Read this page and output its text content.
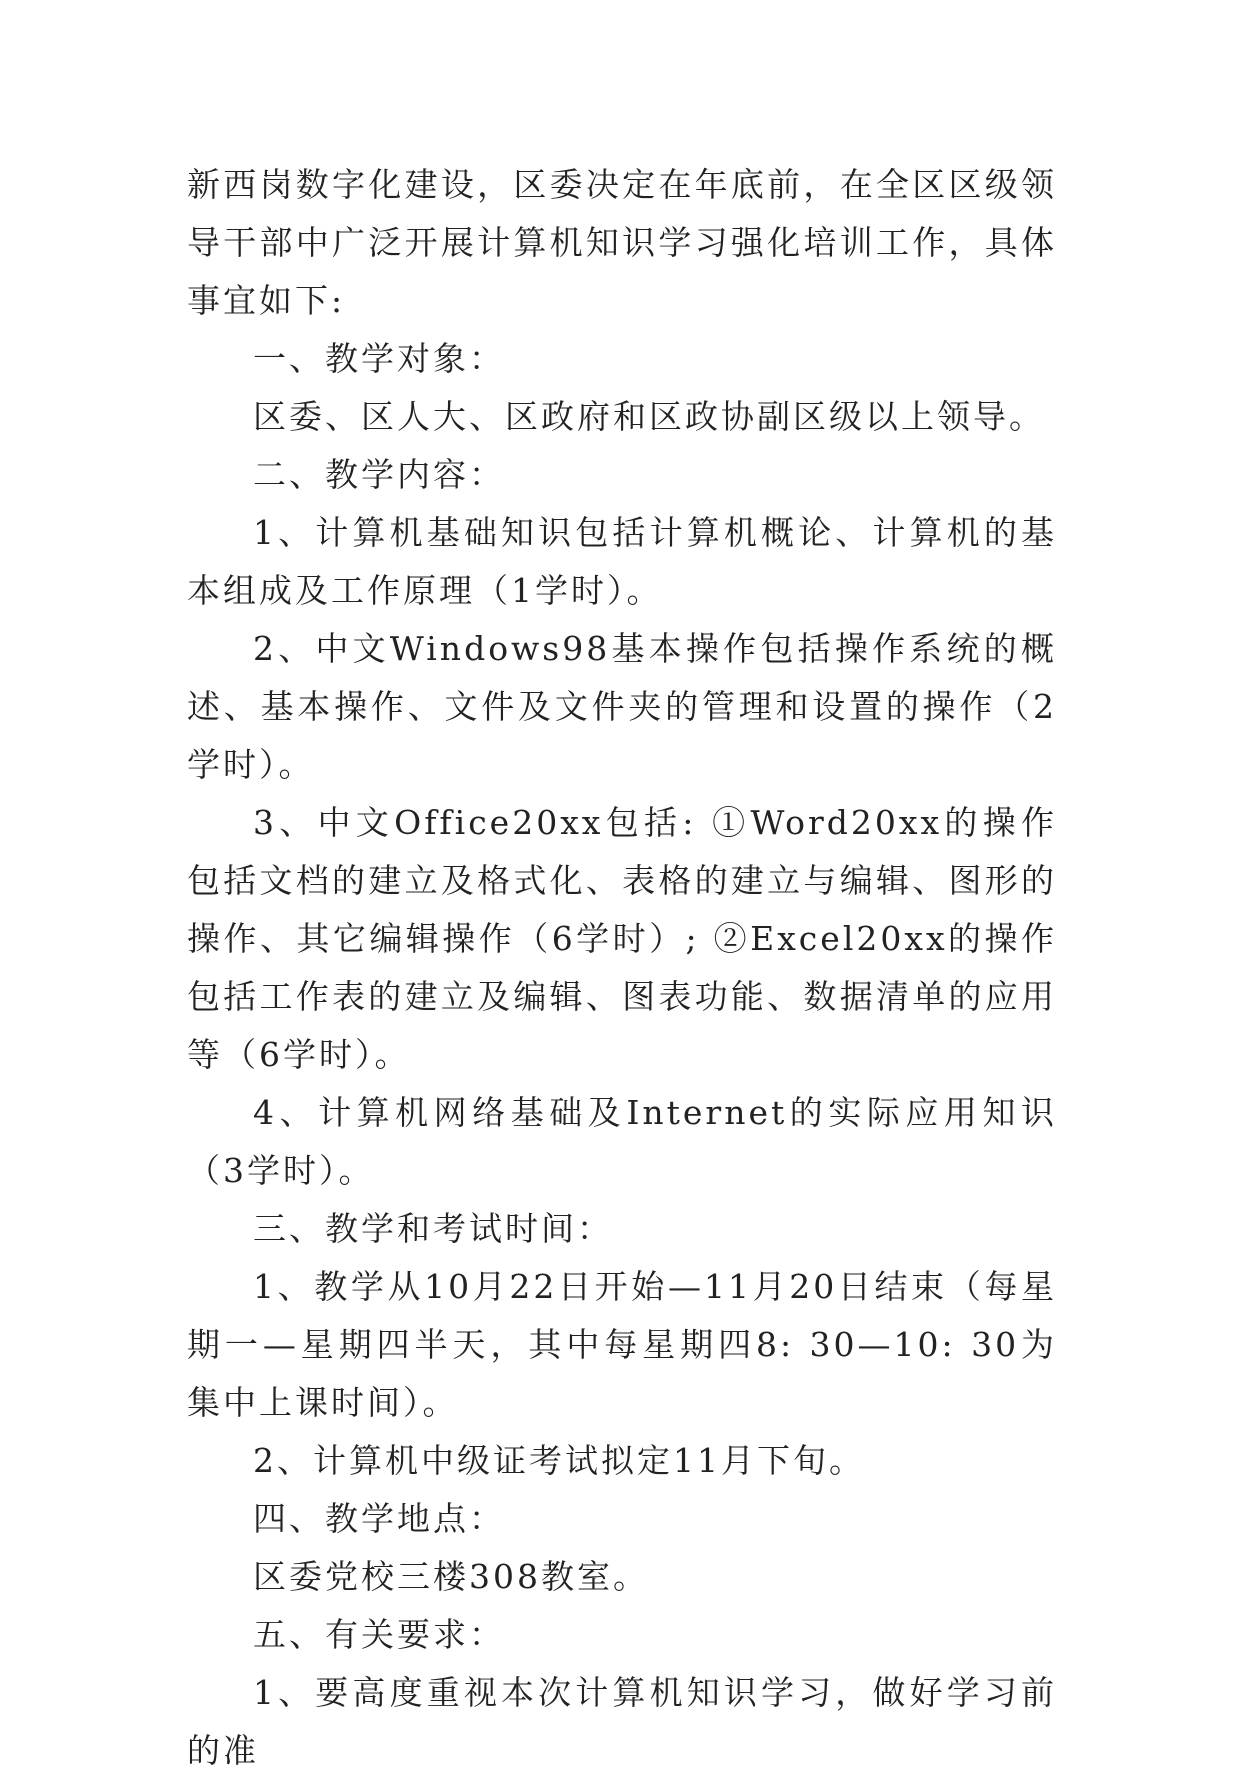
新西岗数字化建设，区委决定在年底前，在全区区级领导干部中广泛开展计算机知识学习强化培训工作，具体事宜如下:

一、教学对象：

区委、区人大、区政府和区政协副区级以上领导。

二、教学内容：

1、计算机基础知识包括计算机概论、计算机的基本组成及工作原理（1学时）。

2、中文Windows98基本操作包括操作系统的概述、基本操作、文件及文件夹的管理和设置的操作（2学时）。

3、中文Office20xx包括: ①Word20xx的操作包括文档的建立及格式化、表格的建立与编辑、图形的操作、其它编辑操作（6学时）; ②Excel20xx的操作包括工作表的建立及编辑、图表功能、数据清单的应用等（6学时）。

4、计算机网络基础及Internet的实际应用知识（3学时）。

三、教学和考试时间：

1、教学从10月22日开始—11月20日结束（每星期一—星期四半天，其中每星期四8: 30—10: 30为集中上课时间）。

2、计算机中级证考试拟定11月下旬。

四、教学地点：

区委党校三楼308教室。

五、有关要求：

1、要高度重视本次计算机知识学习，做好学习前的准
